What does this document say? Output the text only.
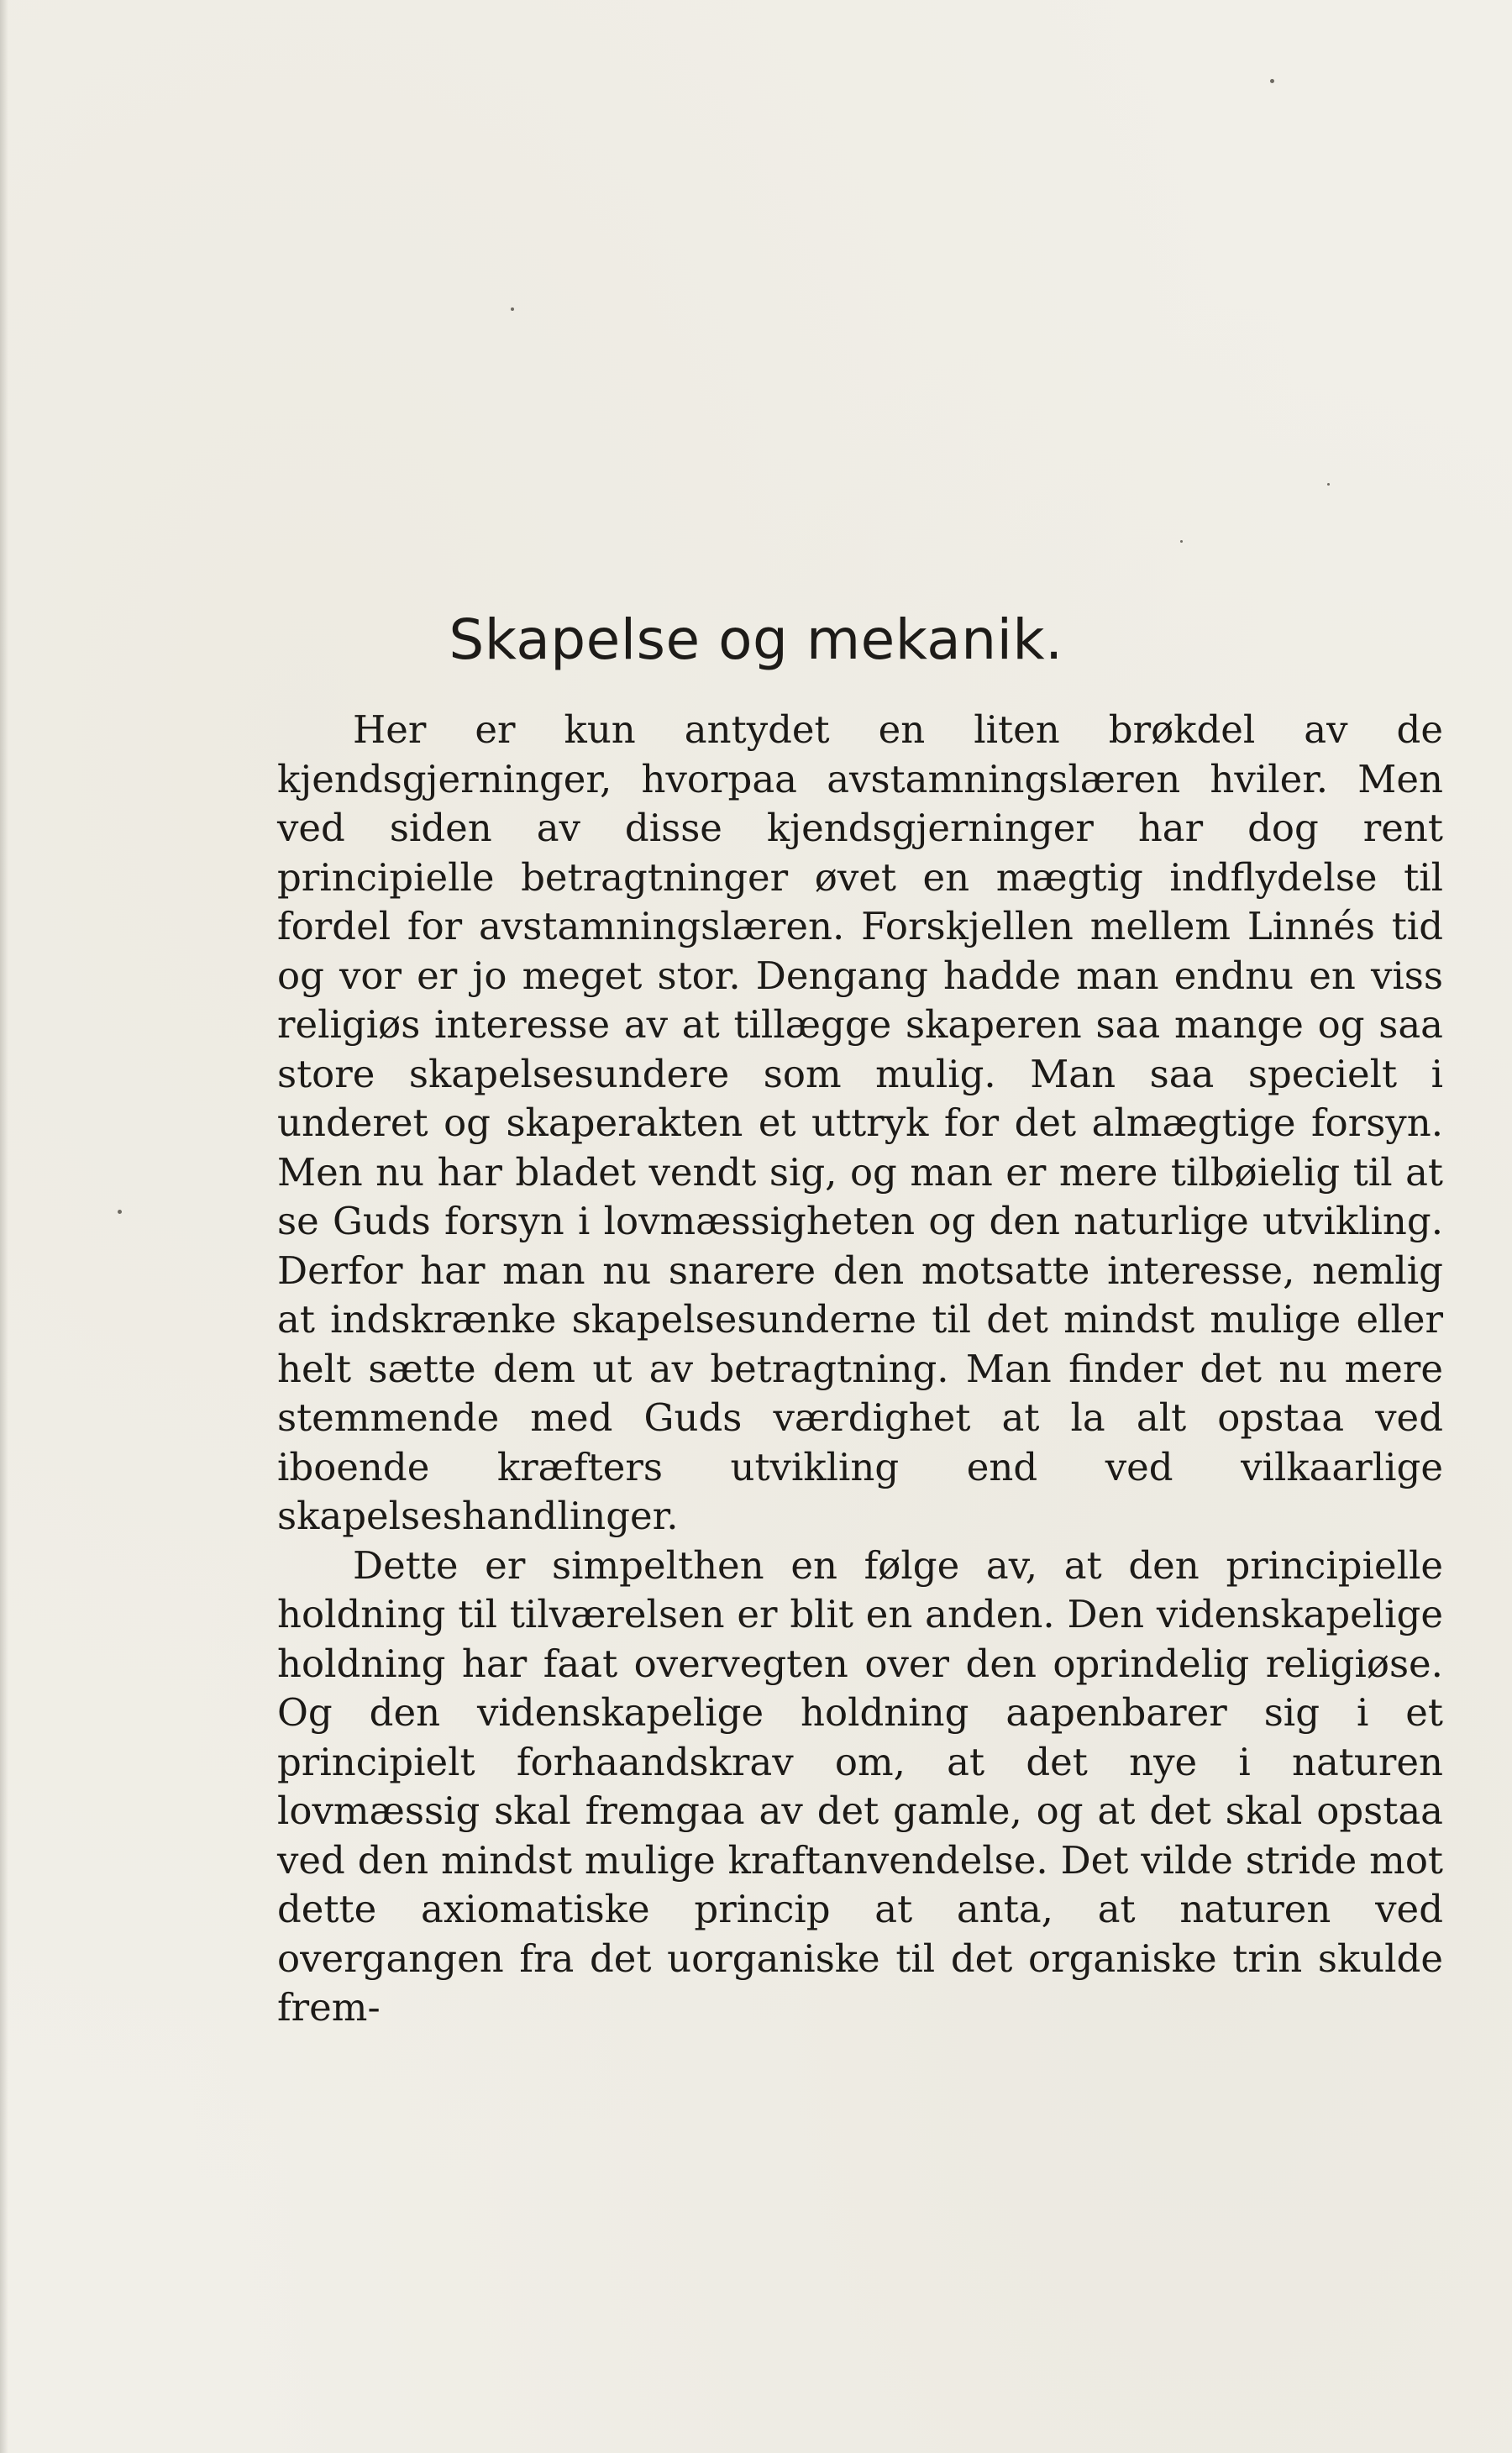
Skapelse og mekanik.

Her er kun antydet en liten brøkdel av de kjendsgjerninger, hvorpaa avstamningslæren hviler. Men ved siden av disse kjendsgjerninger har dog rent principielle betragtninger øvet en mægtig indflydelse til fordel for avstamningslæren. Forskjellen mellem Linnés tid og vor er jo meget stor. Dengang hadde man endnu en viss religiøs interesse av at tillægge skaperen saa mange og saa store skapelsesundere som mulig. Man saa specielt i underet og skaperakten et uttryk for det almægtige forsyn. Men nu har bladet vendt sig, og man er mere tilbøielig til at se Guds forsyn i lovmæssigheten og den naturlige utvikling. Derfor har man nu snarere den motsatte interesse, nemlig at indskrænke skapelsesunderne til det mindst mulige eller helt sætte dem ut av betragtning. Man finder det nu mere stemmende med Guds værdighet at la alt opstaa ved iboende kræfters utvikling end ved vilkaarlige skapelseshandlinger.

Dette er simpelthen en følge av, at den principielle holdning til tilværelsen er blit en anden. Den videnskapelige holdning har faat overvegten over den oprindelig religiøse. Og den videnskapelige holdning aapenbarer sig i et principielt forhaandskrav om, at det nye i naturen lovmæssig skal fremgaa av det gamle, og at det skal opstaa ved den mindst mulige kraftanvendelse. Det vilde stride mot dette axiomatiske princip at anta, at naturen ved overgangen fra det uorganiske til det organiske trin skulde frem-
